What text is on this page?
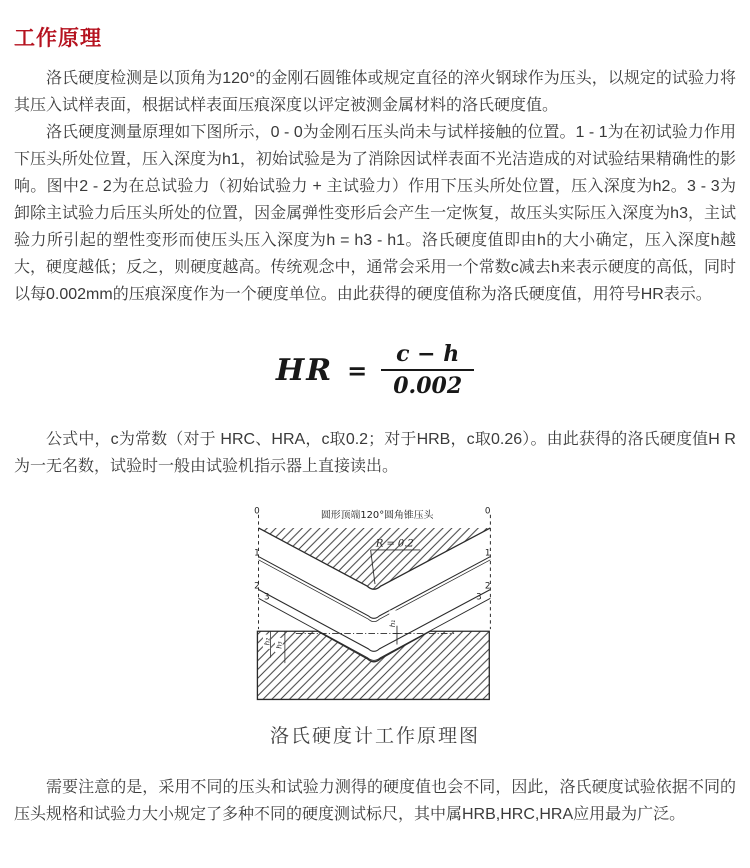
工作原理

洛氏硬度检测是以顶角为120°的金刚石圆锥体或规定直径的淬火钢球作为压头，以规定的试验力将其压入试样表面，根据试样表面压痕深度以评定被测金属材料的洛氏硬度值。

洛氏硬度测量原理如下图所示，0 - 0为金刚石压头尚未与试样接触的位置。1 - 1为在初试验力作用下压头所处位置，压入深度为h1，初始试验是为了消除因试样表面不光洁造成的对试验结果精确性的影响。图中2 - 2为在总试验力（初始试验力 + 主试验力）作用下压头所处位置，压入深度为h2。3 - 3为卸除主试验力后压头所处的位置，因金属弹性变形后会产生一定恢复，故压头实际压入深度为h3，主试验力所引起的塑性变形而使压头压入深度为h = h3 - h1。洛氏硬度值即由h的大小确定，压入深度h越大，硬度越低；反之，则硬度越高。传统观念中，通常会采用一个常数c减去h来表示硬度的高低，同时以每0.002mm的压痕深度作为一个硬度单位。由此获得的硬度值称为洛氏硬度值，用符号HR表示。

HR = $\frac{c - h}{0.002}$

公式中，c为常数（对于 HRC、HRA，c取0.2；对于HRB，c取0.26）。由此获得的洛氏硬度值H R为一无名数，试验时一般由试验机指示器上直接读出。

0	0
1	1
2	2
3	3
圆形顶端120°圆角锥压头
R = 0.2
h₁
h₂ h₃
洛氏硬度计工作原理图

需要注意的是，采用不同的压头和试验力测得的硬度值也会不同，因此，洛氏硬度试验依据不同的压头规格和试验力大小规定了多种不同的硬度测试标尺，其中属HRB,HRC,HRA应用最为广泛。
